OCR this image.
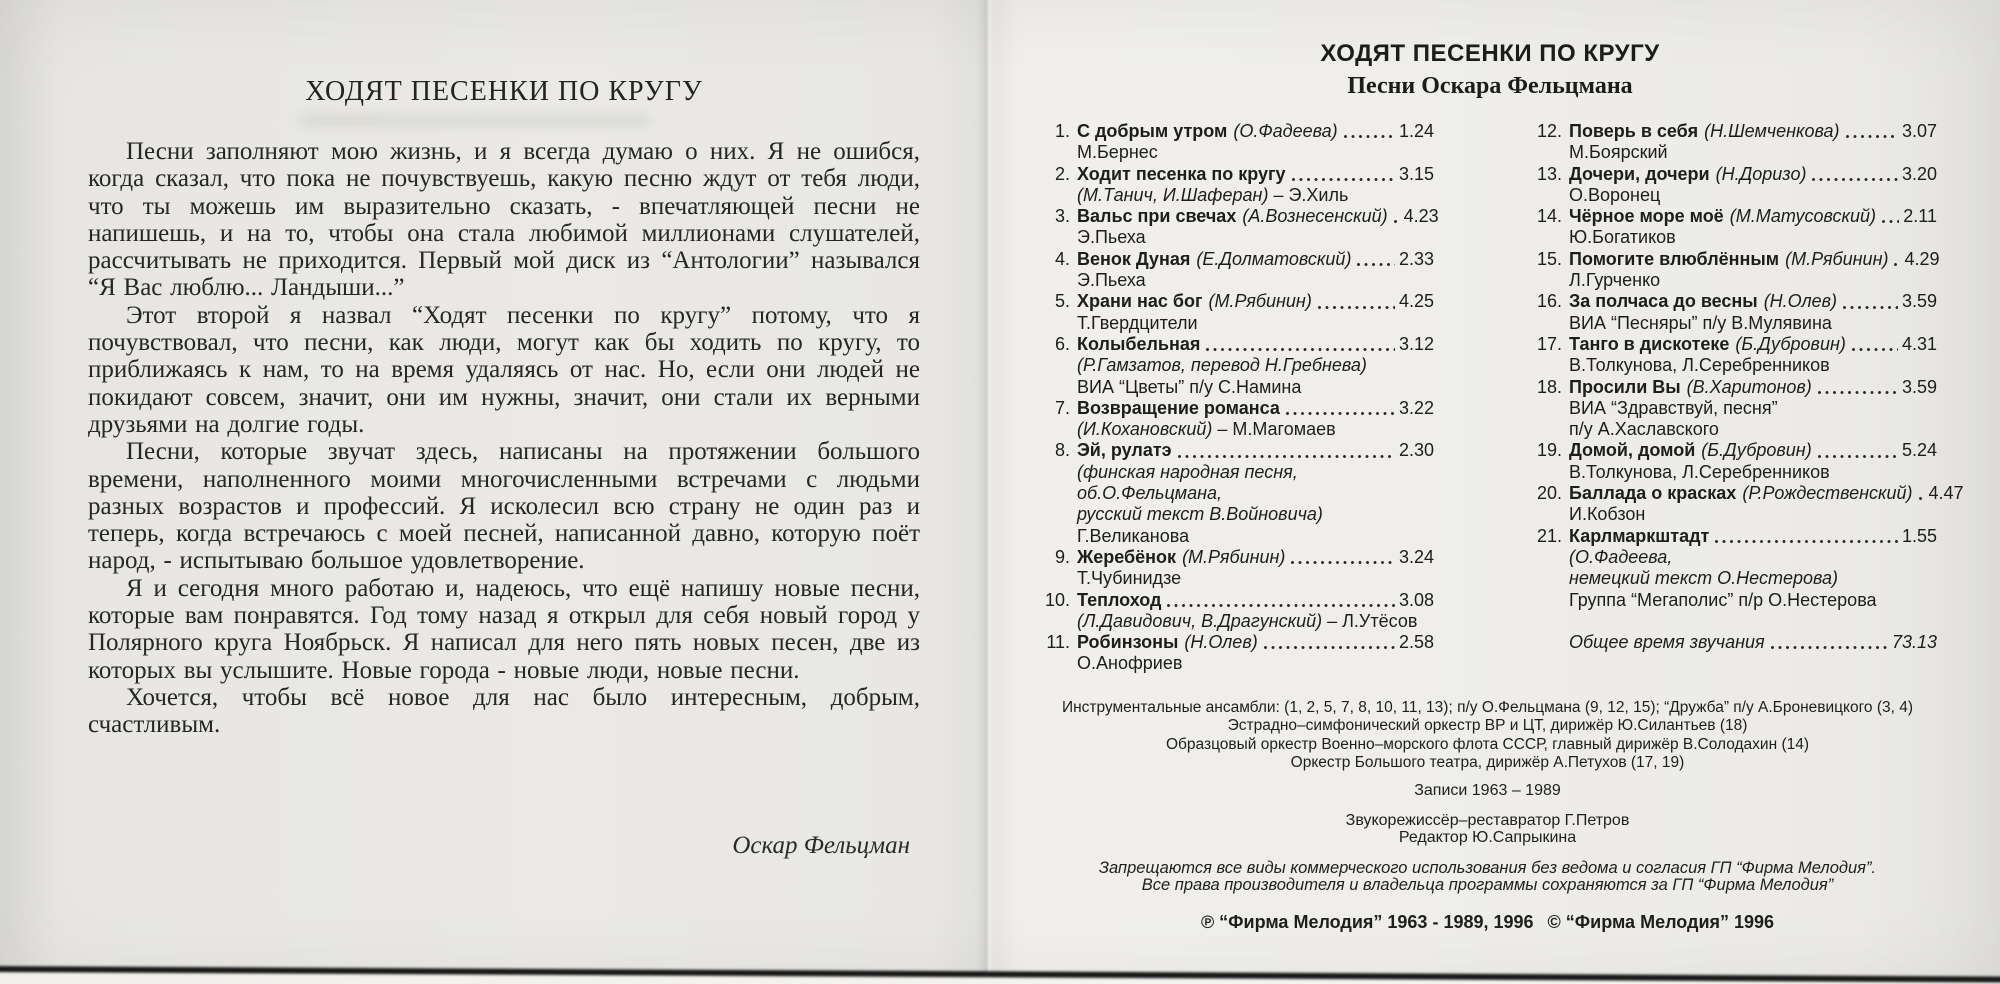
ХОДЯТ ПЕСЕНКИ ПО КРУГУ

Песни заполняют мою жизнь, и я всегда думаю о них. Я не ошибся, когда сказал, что пока не почувствуешь, какую песню ждут от тебя люди, что ты можешь им выразительно сказать, - впечатляющей песни не напишешь, и на то, чтобы она стала любимой миллионами слушателей, рассчитывать не приходится. Первый мой диск из “Антологии” назывался “Я Вас люблю... Ландыши...”

Этот второй я назвал “Ходят песенки по кругу” потому, что я почувствовал, что песни, как люди, могут как бы ходить по кругу, то приближаясь к нам, то на время удаляясь от нас. Но, если они людей не покидают совсем, значит, они им нужны, значит, они стали их верными друзьями на долгие годы.

Песни, которые звучат здесь, написаны на протяжении большого времени, наполненного моими многочисленными встречами с людьми разных возрастов и профессий. Я исколесил всю страну не один раз и теперь, когда встречаюсь с моей песней, написанной давно, которую поёт народ, - испытываю большое удовлетворение.

Я и сегодня много работаю и, надеюсь, что ещё напишу новые песни, которые вам понравятся. Год тому назад я открыл для себя новый город у Полярного круга Ноябрьск. Я написал для него пять новых песен, две из которых вы услышите. Новые города - новые люди, новые песни.

Хочется, чтобы всё новое для нас было интересным, добрым, счастливым.

Оскар Фельцман
ХОДЯТ ПЕСЕНКИ ПО КРУГУ
Песни Оскара Фельцмана
1. С добрым утром (О.Фадеева)	1.24
М.Бернес
2. Ходит песенка по кругу	3.15
(М.Танич, И.Шаферан) – Э.Хиль
3. Вальс при свечах (А.Вознесенский) 4.23
Э.Пьеха
4. Венок Дуная (Е.Долматовский)	2.33
Э.Пьеха
5. Храни нас бог (М.Рябинин)	4.25
Т.Гвердцители
6. Колыбельная	3.12
(Р.Гамзатов, перевод Н.Гребнева)
ВИА “Цветы” п/у С.Намина
7. Возвращение романса	3.22
(И.Кохановский) – М.Магомаев
8. Эй, рулатэ	2.30
(финская народная песня, об.О.Фельцмана,
русский текст В.Войновича)
Г.Великанова
9. Жеребёнок (М.Рябинин)	3.24
Т.Чубинидзе
10. Теплоход	3.08
(Л.Давидович, В.Драгунский) – Л.Утёсов
11. Робинзоны (Н.Олев)	2.58
О.Анофриев
12. Поверь в себя (Н.Шемченкова)	3.07
М.Боярский
13. Дочери, дочери (Н.Доризо)	3.20
О.Воронец
14. Чёрное море моё (М.Матусовский) 2.11
Ю.Богатиков
15. Помогите влюблённым (М.Рябинин) 4.29
Л.Гурченко
16. За полчаса до весны (Н.Олев)	3.59
ВИА “Песняры” п/у В.Мулявина
17. Танго в дискотеке (Б.Дубровин)	4.31
В.Толкунова, Л.Серебренников
18. Просили Вы (В.Харитонов)	3.59
ВИА “Здравствуй, песня”
п/у А.Хаславского
19. Домой, домой (Б.Дубровин)	5.24
В.Толкунова, Л.Серебренников
20. Баллада о красках (Р.Рождественский) 4.47
И.Кобзон
21. Карлмаркштадт	1.55
(О.Фадеева,
немецкий текст О.Нестерова)
Группа “Мегаполис” п/р О.Нестерова
Общее время звучания	73.13
Инструментальные ансамбли: (1, 2, 5, 7, 8, 10, 11, 13); п/у О.Фельцмана (9, 12, 15); “Дружба” п/у А.Броневицкого (3, 4)
Эстрадно–симфонический оркестр ВР и ЦТ, дирижёр Ю.Силантьев (18)
Образцовый оркестр Военно–морского флота СССР, главный дирижёр В.Солодахин (14)
Оркестр Большого театра, дирижёр А.Петухов (17, 19)
Записи 1963 – 1989
Звукорежиссёр–реставратор Г.Петров
Редактор Ю.Сапрыкина
Запрещаются все виды коммерческого использования без ведома и согласия ГП “Фирма Мелодия”.
Все права производителя и владельца программы сохраняются за ГП “Фирма Мелодия”
℗ “Фирма Мелодия” 1963 - 1989, 1996  © “Фирма Мелодия” 1996
